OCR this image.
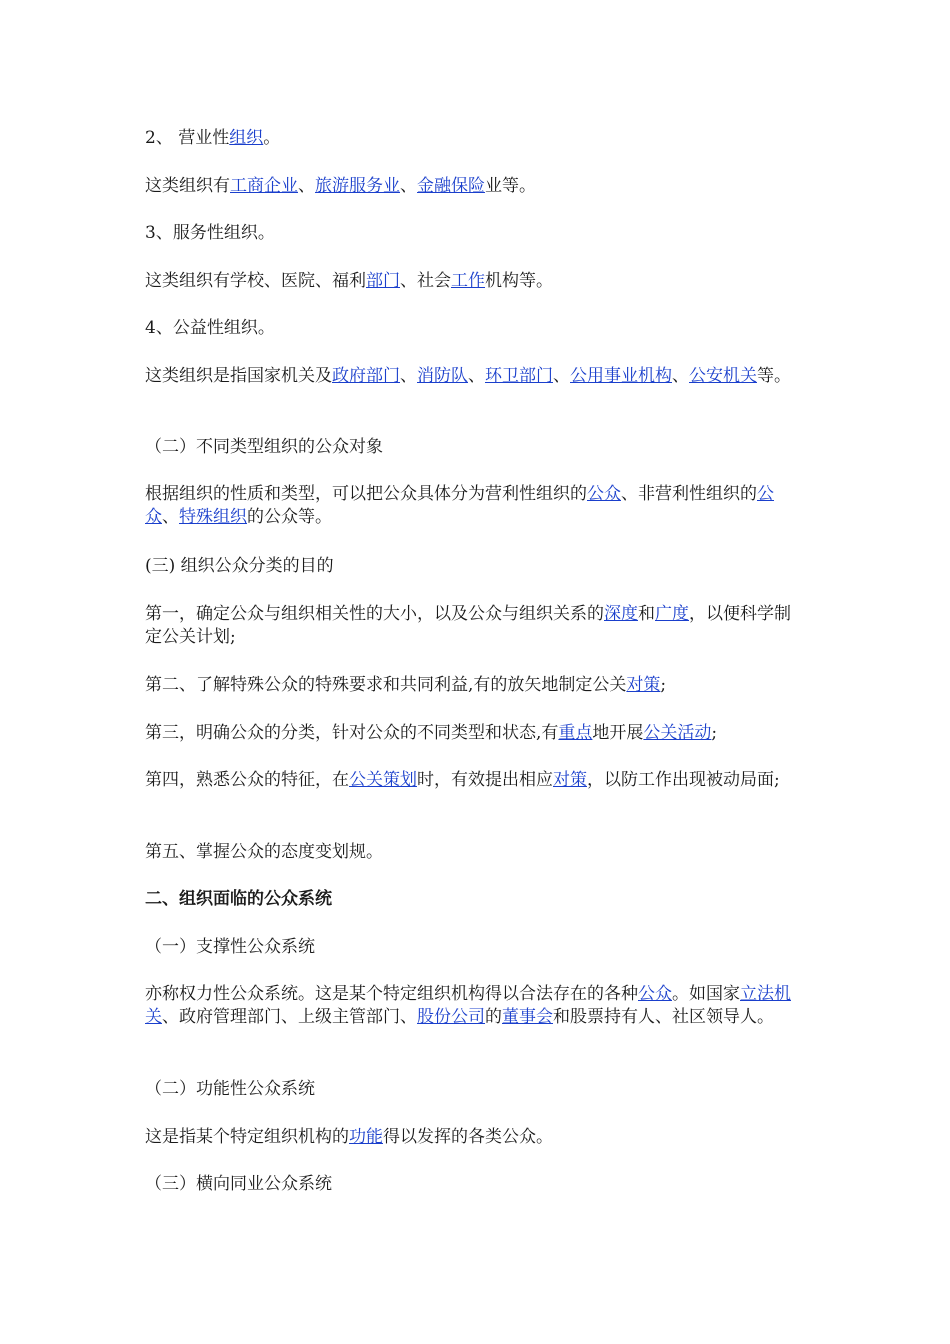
2、 营业性组织。

这类组织有工商企业、旅游服务业、金融保险业等。

3、服务性组织。

这类组织有学校、医院、福利部门、社会工作机构等。

4、公益性组织。

这类组织是指国家机关及政府部门、消防队、环卫部门、公用事业机构、公安机关等。

（二）不同类型组织的公众对象

根据组织的性质和类型，可以把公众具体分为营利性组织的公众、非营利性组织的公众、特殊组织的公众等。

(三) 组织公众分类的目的

第一，确定公众与组织相关性的大小，以及公众与组织关系的深度和广度，以便科学制定公关计划;

第二、了解特殊公众的特殊要求和共同利益,有的放矢地制定公关对策;

第三，明确公众的分类，针对公众的不同类型和状态,有重点地开展公关活动;

第四，熟悉公众的特征，在公关策划时，有效提出相应对策，以防工作出现被动局面;

第五、掌握公众的态度变划规。

二、组织面临的公众系统

（一）支撑性公众系统

亦称权力性公众系统。这是某个特定组织机构得以合法存在的各种公众。如国家立法机关、政府管理部门、上级主管部门、股份公司的董事会和股票持有人、社区领导人。

（二）功能性公众系统

这是指某个特定组织机构的功能得以发挥的各类公众。

（三）横向同业公众系统
